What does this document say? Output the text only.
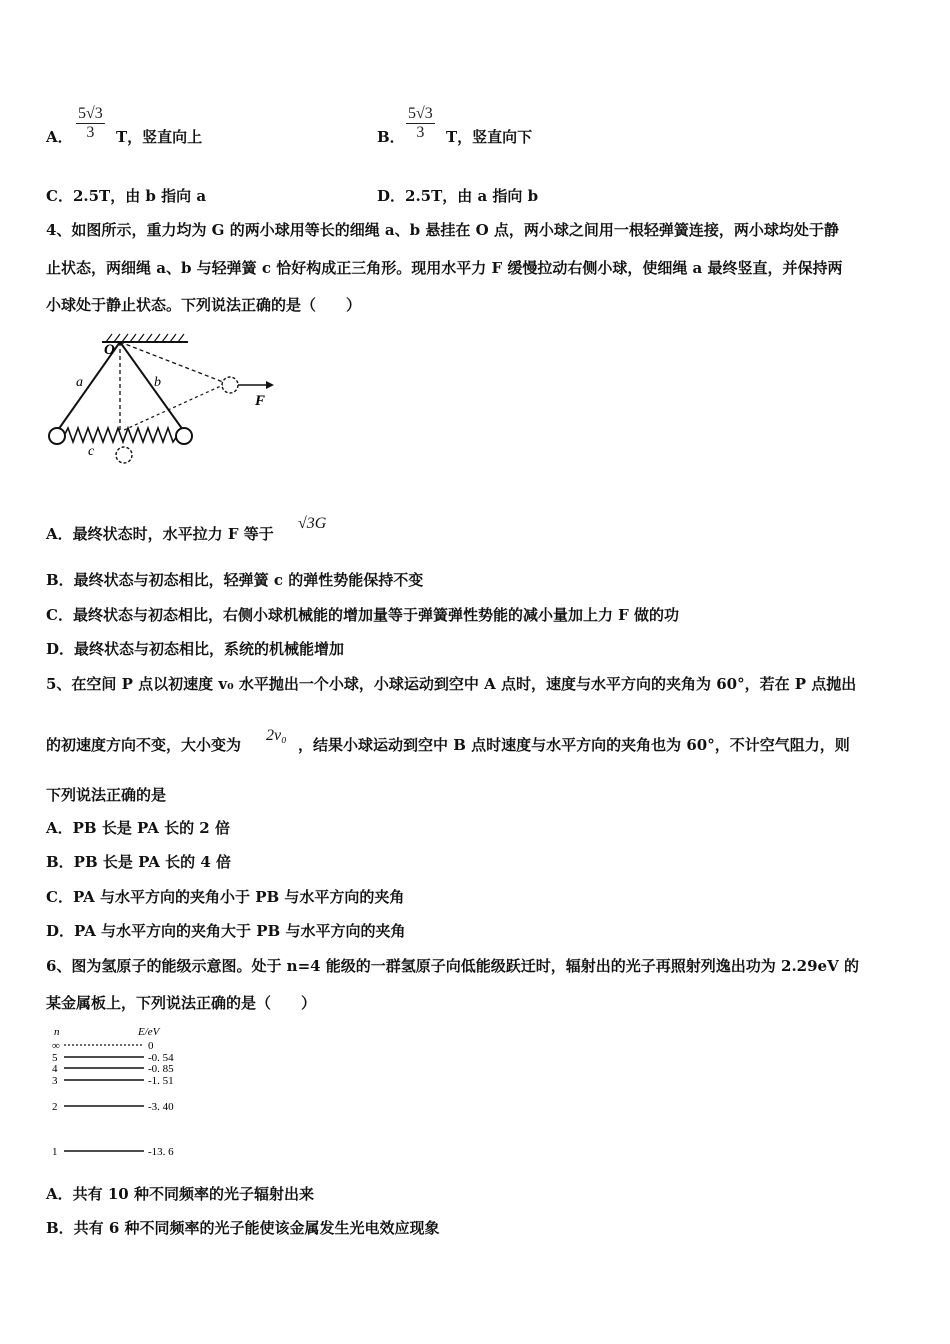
A． $\frac{5√3}{3}$ T，竖直向上	B． $\frac{5√3}{3}$ T，竖直向下
C．2.5T，由 b 指向 a	D．2.5T，由 a 指向 b
4、如图所示，重力均为 G 的两小球用等长的细绳 a、b 悬挂在 O 点，两小球之间用一根轻弹簧连接，两小球均处于静
止状态，两细绳 a、b 与轻弹簧 c 恰好构成正三角形。现用水平力 F 缓慢拉动右侧小球，使细绳 a 最终竖直，并保持两
小球处于静止状态。下列说法正确的是（　　）
O
a	b
c
F
A．最终状态时，水平拉力 F 等于
√3G
B．最终状态与初态相比，轻弹簧 c 的弹性势能保持不变
C．最终状态与初态相比，右侧小球机械能的增加量等于弹簧弹性势能的减小量加上力 F 做的功
D．最终状态与初态相比，系统的机械能增加
5、在空间 P 点以初速度 v₀ 水平抛出一个小球，小球运动到空中 A 点时，速度与水平方向的夹角为 60°，若在 P 点抛出
的初速度方向不变，大小变为
2v₀
，结果小球运动到空中 B 点时速度与水平方向的夹角也为 60°，不计空气阻力，则
下列说法正确的是
A．PB 长是 PA 长的 2 倍
B．PB 长是 PA 长的 4 倍
C．PA 与水平方向的夹角小于 PB 与水平方向的夹角
D．PA 与水平方向的夹角大于 PB 与水平方向的夹角
6、图为氢原子的能级示意图。处于 n=4 能级的一群氢原子向低能级跃迁时，辐射出的光子再照射列逸出功为 2.29eV 的
某金属板上，下列说法正确的是（　　）
n	E/eV
∞	0
5	-0. 54
4	-0. 85
3	-1. 51
2	-3. 40
1	-13. 6
A．共有 10 种不同频率的光子辐射出来
B．共有 6 种不同频率的光子能使该金属发生光电效应现象
